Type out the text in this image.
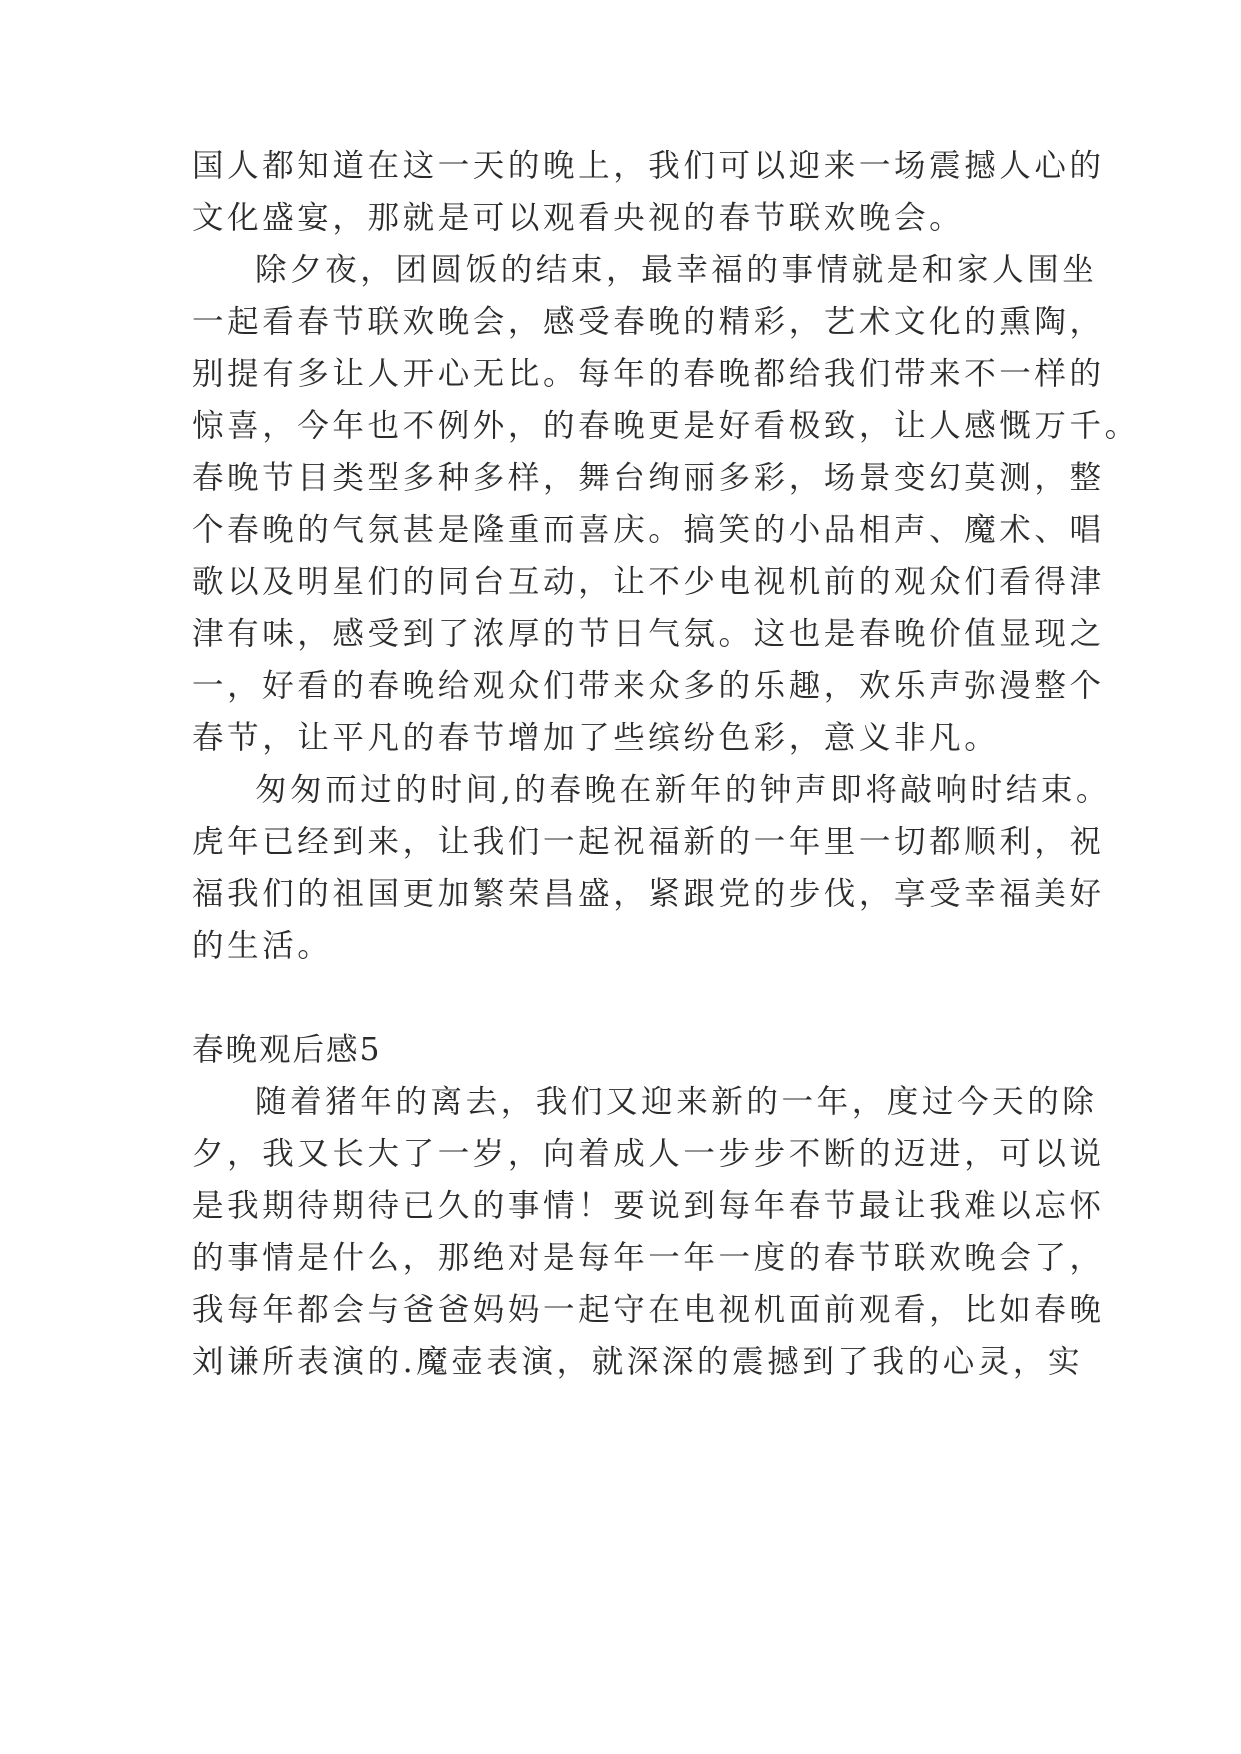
国人都知道在这一天的晚上，我们可以迎来一场震撼人心的
文化盛宴，那就是可以观看央视的春节联欢晚会。
除夕夜，团圆饭的结束，最幸福的事情就是和家人围坐
一起看春节联欢晚会，感受春晚的精彩，艺术文化的熏陶，
别提有多让人开心无比。每年的春晚都给我们带来不一样的
惊喜，今年也不例外，的春晚更是好看极致，让人感慨万千。
春晚节目类型多种多样，舞台绚丽多彩，场景变幻莫测，整
个春晚的气氛甚是隆重而喜庆。搞笑的小品相声、魔术、唱
歌以及明星们的同台互动，让不少电视机前的观众们看得津
津有味，感受到了浓厚的节日气氛。这也是春晚价值显现之
一，好看的春晚给观众们带来众多的乐趣，欢乐声弥漫整个
春节，让平凡的春节增加了些缤纷色彩，意义非凡。
匆匆而过的时间,的春晚在新年的钟声即将敲响时结束。
虎年已经到来，让我们一起祝福新的一年里一切都顺利，祝
福我们的祖国更加繁荣昌盛，紧跟党的步伐，享受幸福美好
的生活。
春晚观后感5
随着猪年的离去，我们又迎来新的一年，度过今天的除
夕，我又长大了一岁，向着成人一步步不断的迈进，可以说
是我期待期待已久的事情！要说到每年春节最让我难以忘怀
的事情是什么，那绝对是每年一年一度的春节联欢晚会了，
我每年都会与爸爸妈妈一起守在电视机面前观看，比如春晚
刘谦所表演的.魔壶表演，就深深的震撼到了我的心灵，实
